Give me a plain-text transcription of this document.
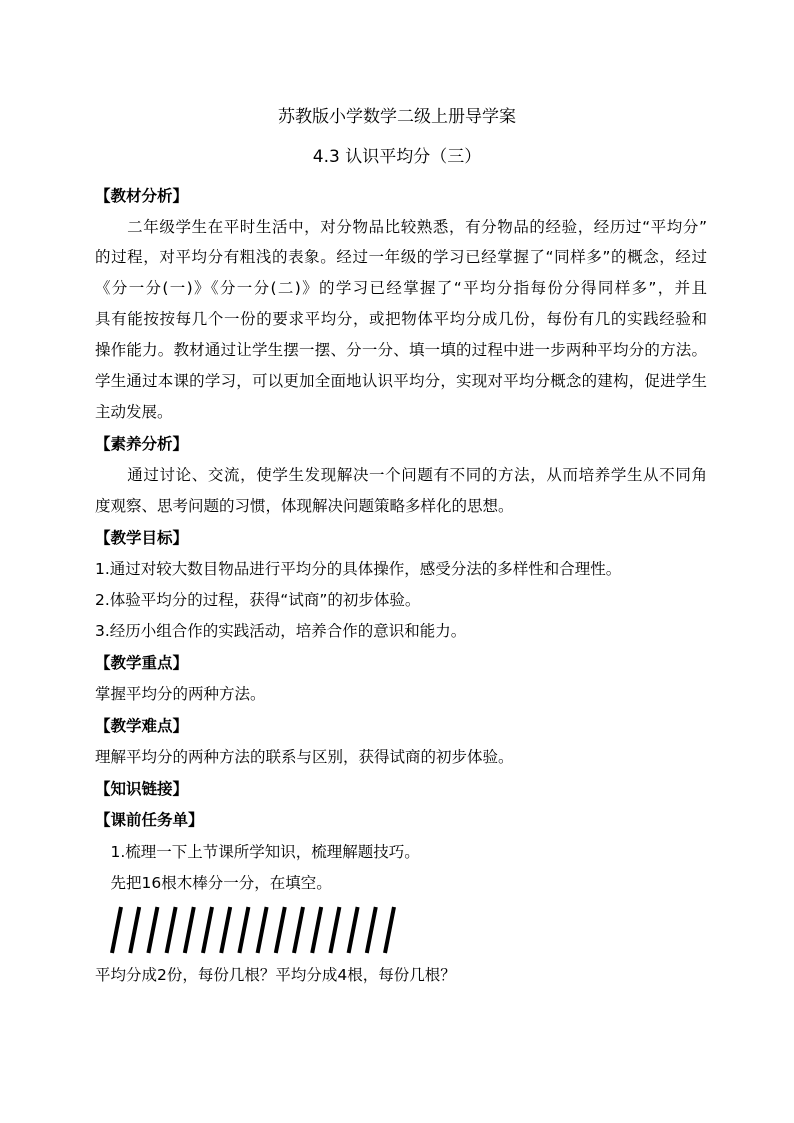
苏教版小学数学二级上册导学案
4.3 认识平均分（三）
【教材分析】
　　二年级学生在平时生活中，对分物品比较熟悉，有分物品的经验，经历过“平均分”
的过程，对平均分有粗浅的表象。经过一年级的学习已经掌握了“同样多”的概念，经过
《分一分(一)》《分一分(二)》的学习已经掌握了“平均分指每份分得同样多”，并且
具有能按按每几个一份的要求平均分，或把物体平均分成几份，每份有几的实践经验和
操作能力。教材通过让学生摆一摆、分一分、填一填的过程中进一步两种平均分的方法。
学生通过本课的学习，可以更加全面地认识平均分，实现对平均分概念的建构，促进学生
主动发展。
【素养分析】
　　通过讨论、交流，使学生发现解决一个问题有不同的方法，从而培养学生从不同角
度观察、思考问题的习惯，体现解决问题策略多样化的思想。
【教学目标】
1.通过对较大数目物品进行平均分的具体操作，感受分法的多样性和合理性。
2.体验平均分的过程，获得“试商”的初步体验。
3.经历小组合作的实践活动，培养合作的意识和能力。
【教学重点】
掌握平均分的两种方法。
【教学难点】
理解平均分的两种方法的联系与区别，获得试商的初步体验。
【知识链接】
【课前任务单】
　1.梳理一下上节课所学知识，梳理解题技巧。
　先把16根木棒分一分，在填空。
平均分成2份，每份几根？平均分成4根，每份几根？
